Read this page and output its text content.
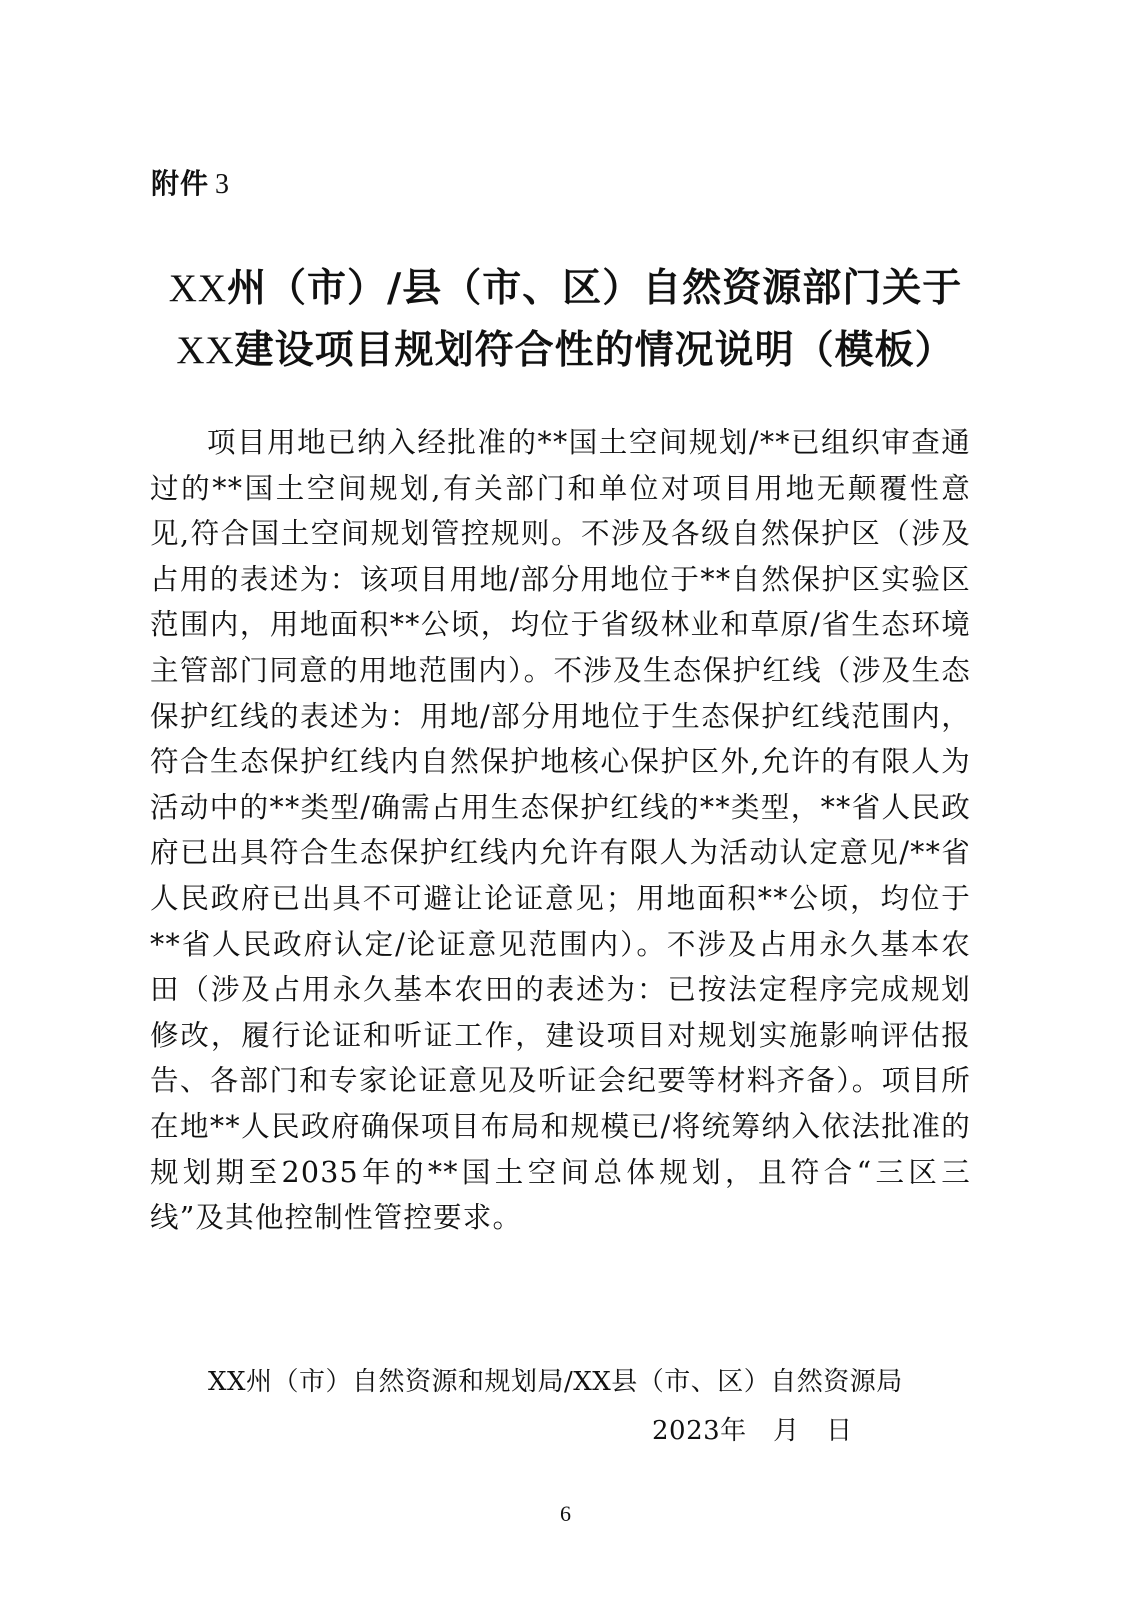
附件 3
XX州（市）/县（市、区）自然资源部门关于
XX建设项目规划符合性的情况说明（模板）

项目用地已纳入经批准的**国土空间规划/**已组织审查通过的**国土空间规划,有关部门和单位对项目用地无颠覆性意见,符合国土空间规划管控规则。不涉及各级自然保护区（涉及占用的表述为：该项目用地/部分用地位于**自然保护区实验区范围内，用地面积**公顷，均位于省级林业和草原/省生态环境主管部门同意的用地范围内）。不涉及生态保护红线（涉及生态保护红线的表述为：用地/部分用地位于生态保护红线范围内，符合生态保护红线内自然保护地核心保护区外,允许的有限人为活动中的**类型/确需占用生态保护红线的**类型，**省人民政府已出具符合生态保护红线内允许有限人为活动认定意见/**省人民政府已出具不可避让论证意见；用地面积**公顷，均位于**省人民政府认定/论证意见范围内）。不涉及占用永久基本农田（涉及占用永久基本农田的表述为：已按法定程序完成规划修改，履行论证和听证工作，建设项目对规划实施影响评估报告、各部门和专家论证意见及听证会纪要等材料齐备）。项目所在地**人民政府确保项目布局和规模已/将统筹纳入依法批准的规划期至2035年的**国土空间总体规划，且符合“三区三线”及其他控制性管控要求。

XX州（市）自然资源和规划局/XX县（市、区）自然资源局
2023年　月　日
6
